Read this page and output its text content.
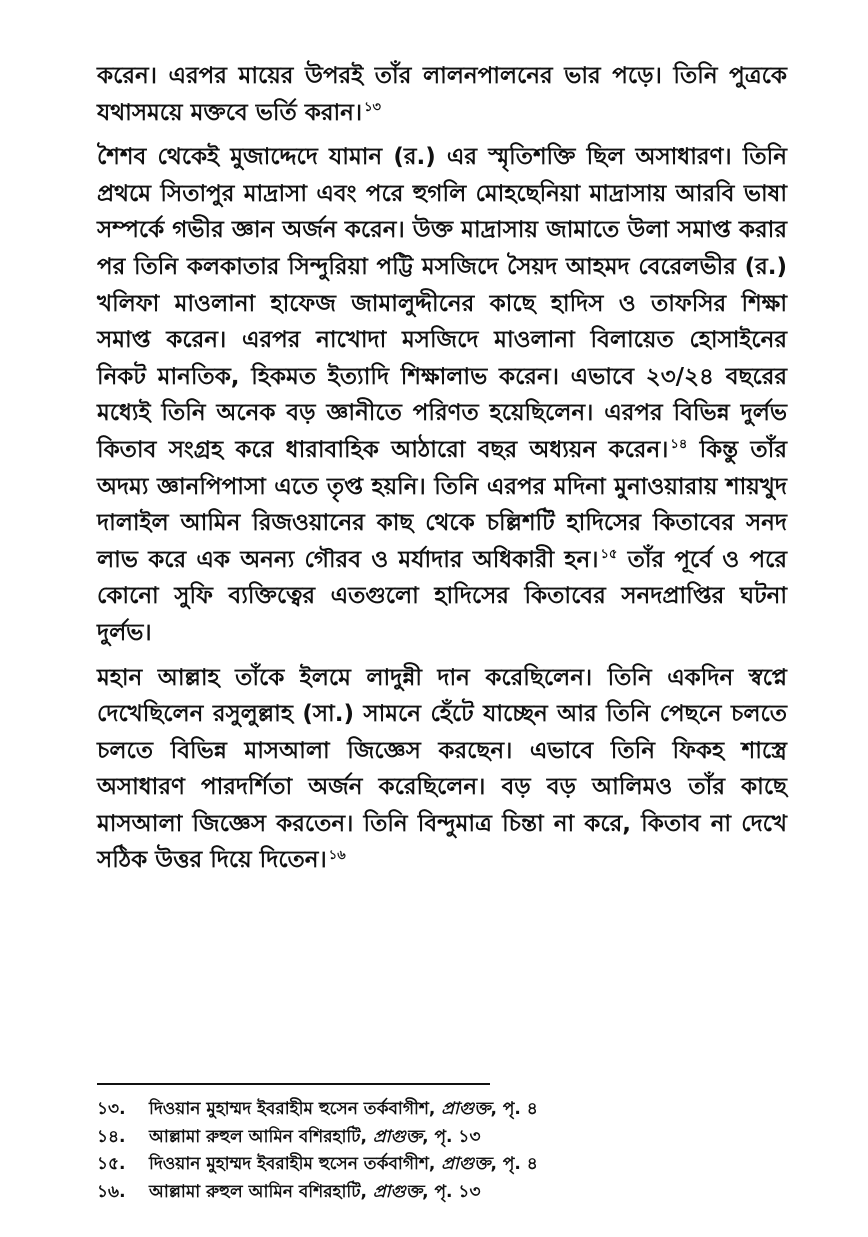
করেন। এরপর মায়ের উপরই তাঁর লালনপালনের ভার পড়ে। তিনি পুত্রকে যথাসময়ে মক্তবে ভর্তি করান। $^{১৩}$

শৈশব থেকেই মুজাদ্দেদে যামান (র.) এর স্মৃতিশক্তি ছিল অসাধারণ। তিনি প্রথমে সিতাপুর মাদ্রাসা এবং পরে হুগলি মোহছেনিয়া মাদ্রাসায় আরবি ভাষা সম্পর্কে গভীর জ্ঞান অর্জন করেন। উক্ত মাদ্রাসায় জামাতে উলা সমাপ্ত করার পর তিনি কলকাতার সিন্দুরিয়া পট্টি মসজিদে সৈয়দ আহমদ বেরেলভীর (র.) খলিফা মাওলানা হাফেজ জামালুদ্দীনের কাছে হাদিস ও তাফসির শিক্ষা সমাপ্ত করেন। এরপর নাখোদা মসজিদে মাওলানা বিলায়েত হোসাইনের নিকট মানতিক, হিকমত ইত্যাদি শিক্ষালাভ করেন। এভাবে ২৩/২৪ বছরের মধ্যেই তিনি অনেক বড় জ্ঞানীতে পরিণত হয়েছিলেন। এরপর বিভিন্ন দুর্লভ কিতাব সংগ্রহ করে ধারাবাহিক আঠারো বছর অধ্যয়ন করেন। $^{১৪}$ কিন্তু তাঁর অদম্য জ্ঞানপিপাসা এতে তৃপ্ত হয়নি। তিনি এরপর মদিনা মুনাওয়ারায় শায়খুদ দালাইল আমিন রিজওয়ানের কাছ থেকে চল্লিশটি হাদিসের কিতাবের সনদ লাভ করে এক অনন্য গৌরব ও মর্যাদার অধিকারী হন। $^{১৫}$ তাঁর পূর্বে ও পরে কোনো সুফি ব্যক্তিত্বের এতগুলো হাদিসের কিতাবের সনদপ্রাপ্তির ঘটনা দুর্লভ।

মহান আল্লাহ তাঁকে ইলমে লাদুন্নী দান করেছিলেন। তিনি একদিন স্বপ্নে দেখেছিলেন রসুলুল্লাহ (সা.) সামনে হেঁটে যাচ্ছেন আর তিনি পেছনে চলতে চলতে বিভিন্ন মাসআলা জিজ্ঞেস করছেন। এভাবে তিনি ফিকহ শাস্ত্রে অসাধারণ পারদর্শিতা অর্জন করেছিলেন। বড় বড় আলিমও তাঁর কাছে মাসআলা জিজ্ঞেস করতেন। তিনি বিন্দুমাত্র চিন্তা না করে, কিতাব না দেখে সঠিক উত্তর দিয়ে দিতেন। $^{১৬}$

১৩. দিওয়ান মুহাম্মদ ইবরাহীম হুসেন তর্কবাগীশ, প্রাগুক্ত, পৃ. ৪
১৪. আল্লামা রুহুল আমিন বশিরহাটি, প্রাগুক্ত, পৃ. ১৩
১৫. দিওয়ান মুহাম্মদ ইবরাহীম হুসেন তর্কবাগীশ, প্রাগুক্ত, পৃ. ৪
১৬. আল্লামা রুহুল আমিন বশিরহাটি, প্রাগুক্ত, পৃ. ১৩
